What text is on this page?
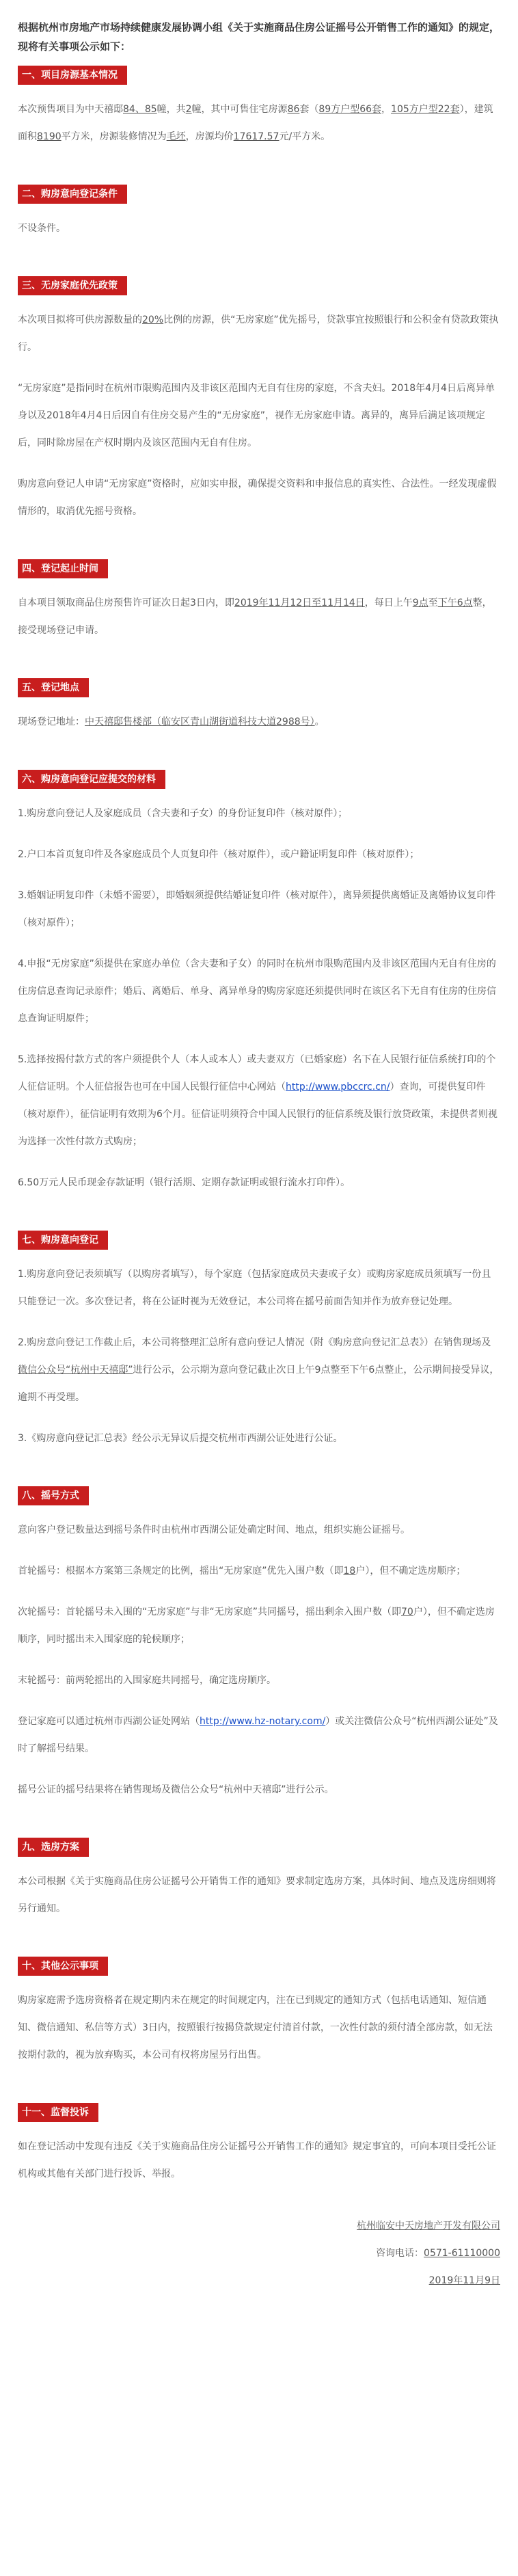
根据杭州市房地产市场持续健康发展协调小组《关于实施商品住房公证摇号公开销售工作的通知》的规定，现将有关事项公示如下：

一、项目房源基本情况

本次预售项目为中天禧邸84、85幢，共2幢，其中可售住宅房源86套（89方户型66套，105方户型22套），建筑面积8190平方米，房源装修情况为毛坯，房源均价17617.57元/平方米。

二、购房意向登记条件

不设条件。

三、无房家庭优先政策

本次项目拟将可供房源数量的20%比例的房源，供“无房家庭”优先摇号，贷款事宜按照银行和公积金有贷款政策执行。

“无房家庭”是指同时在杭州市限购范围内及非该区范围内无自有住房的家庭，不含夫妇。2018年4月4日后离异单身以及2018年4月4日后因自有住房交易产生的“无房家庭”，视作无房家庭申请。离异的，离异后满足该项规定后，同时除房屋在产权时期内及该区范围内无自有住房。

购房意向登记人申请“无房家庭”资格时，应如实申报，确保提交资料和申报信息的真实性、合法性。一经发现虚假情形的，取消优先摇号资格。

四、登记起止时间

自本项目领取商品住房预售许可证次日起3日内，即2019年11月12日至11月14日，每日上午9点至下午6点整，接受现场登记申请。

五、登记地点

现场登记地址：中天禧邸售楼部（临安区青山湖街道科技大道2988号）。

六、购房意向登记应提交的材料

1.购房意向登记人及家庭成员（含夫妻和子女）的身份证复印件（核对原件）；

2.户口本首页复印件及各家庭成员个人页复印件（核对原件），或户籍证明复印件（核对原件）；

3.婚姻证明复印件（未婚不需要），即婚姻须提供结婚证复印件（核对原件），离异须提供离婚证及离婚协议复印件（核对原件）；

4.申报“无房家庭”须提供在家庭办单位（含夫妻和子女）的同时在杭州市限购范围内及非该区范围内无自有住房的住房信息查询记录原件；婚后、离婚后、单身、离异单身的购房家庭还须提供同时在该区名下无自有住房的住房信息查询证明原件；

5.选择按揭付款方式的客户须提供个人（本人或本人）或夫妻双方（已婚家庭）名下在人民银行征信系统打印的个人征信证明。个人征信报告也可在中国人民银行征信中心网站（http://www.pbccrc.cn/）查询，可提供复印件（核对原件），征信证明有效期为6个月。征信证明须符合中国人民银行的征信系统及银行放贷政策，未提供者则视为选择一次性付款方式购房；

6.50万元人民币现金存款证明（银行活期、定期存款证明或银行流水打印件）。

七、购房意向登记

1.购房意向登记表须填写（以购房者填写），每个家庭（包括家庭成员夫妻或子女）或购房家庭成员须填写一份且只能登记一次。多次登记者，将在公证时视为无效登记，本公司将在摇号前面告知并作为放弃登记处理。

2.购房意向登记工作截止后，本公司将整理汇总所有意向登记人情况（附《购房意向登记汇总表》）在销售现场及微信公众号“杭州中天禧邸”进行公示，公示期为意向登记截止次日上午9点整至下午6点整止，公示期间接受异议，逾期不再受理。

3.《购房意向登记汇总表》经公示无异议后提交杭州市西湖公证处进行公证。

八、摇号方式

意向客户登记数量达到摇号条件时由杭州市西湖公证处确定时间、地点，组织实施公证摇号。

首轮摇号：根据本方案第三条规定的比例，摇出“无房家庭”优先入围户数（即18户），但不确定选房顺序；

次轮摇号：首轮摇号未入围的“无房家庭”与非“无房家庭”共同摇号，摇出剩余入围户数（即70户），但不确定选房顺序，同时摇出未入围家庭的轮候顺序；

末轮摇号：前两轮摇出的入围家庭共同摇号，确定选房顺序。

登记家庭可以通过杭州市西湖公证处网站（http://www.hz-notary.com/）或关注微信公众号“杭州西湖公证处”及时了解摇号结果。

摇号公证的摇号结果将在销售现场及微信公众号“杭州中天禧邸”进行公示。

九、选房方案

本公司根据《关于实施商品住房公证摇号公开销售工作的通知》要求制定选房方案，具体时间、地点及选房细则将另行通知。

十、其他公示事项

购房家庭需予选房资格者在规定期内未在规定的时间规定内，注在已到规定的通知方式（包括电话通知、短信通知、微信通知、私信等方式）3日内，按照银行按揭贷款规定付清首付款，一次性付款的须付清全部房款，如无法按期付款的，视为放弃购买，本公司有权将房屋另行出售。

十一、监督投诉

如在登记活动中发现有违反《关于实施商品住房公证摇号公开销售工作的通知》规定事宜的，可向本项目受托公证机构或其他有关部门进行投诉、举报。

杭州临安中天房地产开发有限公司

咨询电话：0571-61110000

2019年11月9日
